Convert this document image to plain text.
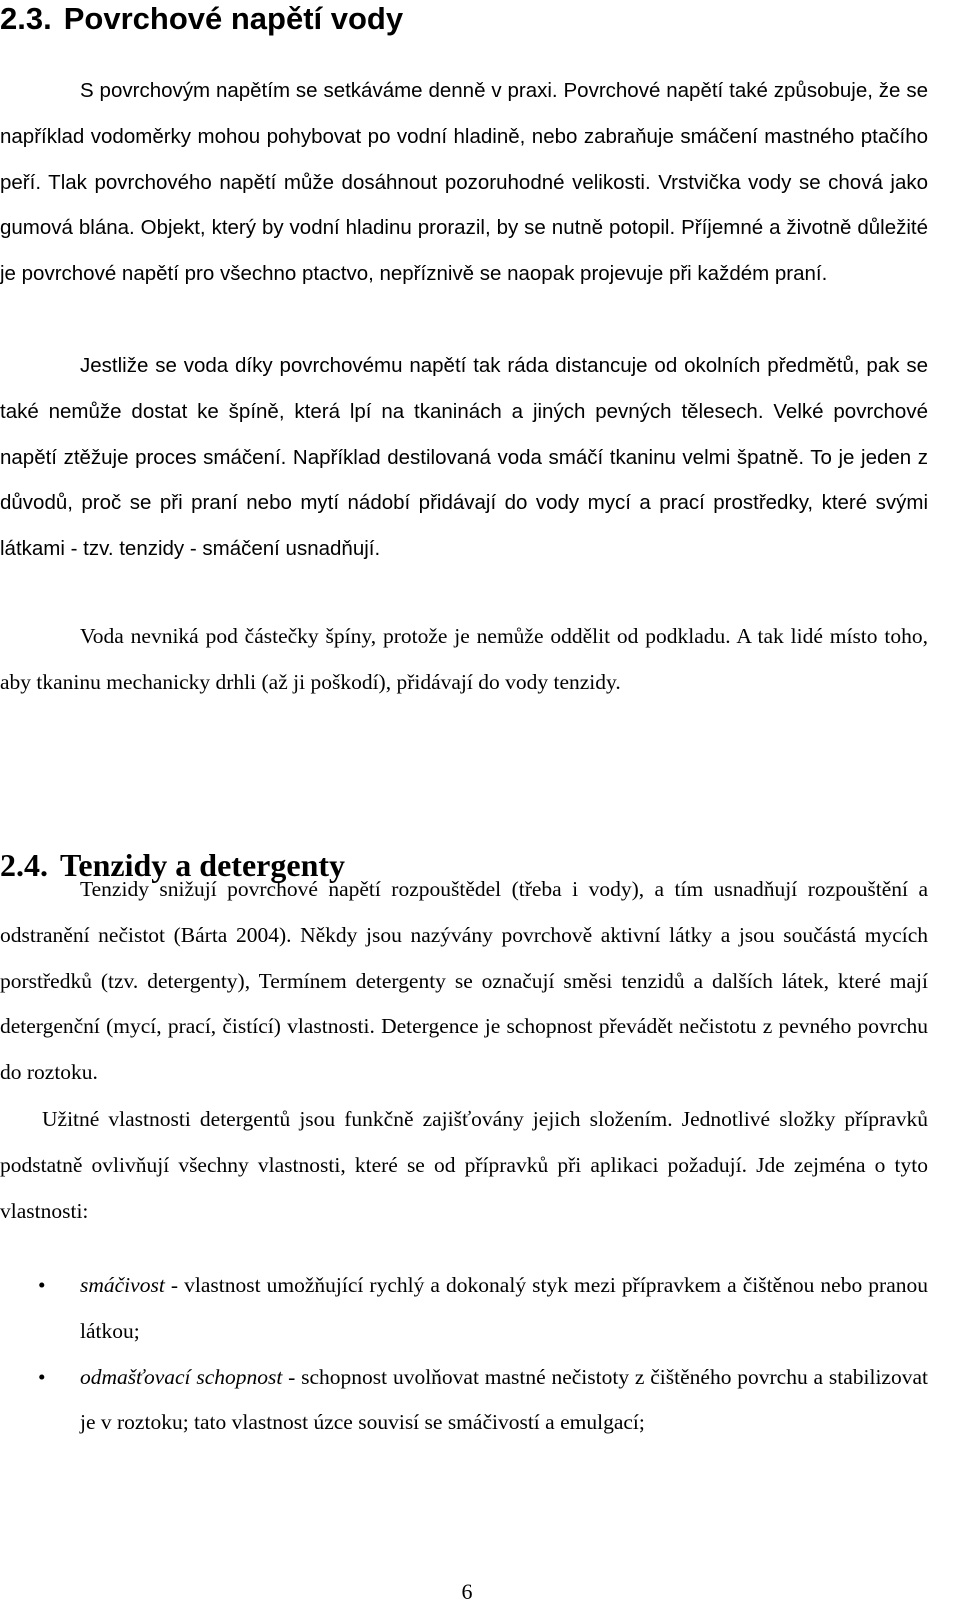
2.3. Povrchové napětí vody

S povrchovým napětím se setkáváme denně v praxi. Povrchové napětí také způsobuje, že se například vodoměrky mohou pohybovat po vodní hladině, nebo zabraňuje smáčení mastného ptačího peří. Tlak povrchového napětí může dosáhnout pozoruhodné velikosti. Vrstvička vody se chová jako gumová blána. Objekt, který by vodní hladinu prorazil, by se nutně potopil. Příjemné a životně důležité je povrchové napětí pro všechno ptactvo, nepříznivě se naopak projevuje při každém praní.

Jestliže se voda díky povrchovému napětí tak ráda distancuje od okolních předmětů, pak se také nemůže dostat ke špíně, která lpí na tkaninách a jiných pevných tělesech. Velké povrchové napětí ztěžuje proces smáčení. Například destilovaná voda smáčí tkaninu velmi špatně. To je jeden z důvodů, proč se při praní nebo mytí nádobí přidávají do vody mycí a prací prostředky, které svými látkami - tzv. tenzidy - smáčení usnadňují.

Voda nevniká pod částečky špíny, protože je nemůže oddělit od podkladu. A tak lidé místo toho, aby tkaninu mechanicky drhli (až ji poškodí), přidávají do vody tenzidy.

2.4. Tenzidy a detergenty

Tenzidy snižují povrchové napětí rozpouštědel (třeba i vody), a tím usnadňují rozpouštění a odstranění nečistot (Bárta 2004). Někdy jsou nazývány povrchově aktivní látky a jsou součástá mycích porstředků (tzv. detergenty), Termínem detergenty se označují směsi tenzidů a dalších látek, které mají detergenční (mycí, prací, čistící) vlastnosti. Detergence je schopnost převádět nečistotu z pevného povrchu do roztoku.

Užitné vlastnosti detergentů jsou funkčně zajišťovány jejich složením. Jednotlivé složky přípravků podstatně ovlivňují všechny vlastnosti, které se od přípravků při aplikaci požadují. Jde zejména o tyto vlastnosti:

• smáčivost - vlastnost umožňující rychlý a dokonalý styk mezi přípravkem a čištěnou nebo pranou látkou;
• odmašťovací schopnost - schopnost uvolňovat mastné nečistoty z čištěného povrchu a stabilizovat je v roztoku; tato vlastnost úzce souvisí se smáčivostí a emulgací;
6
